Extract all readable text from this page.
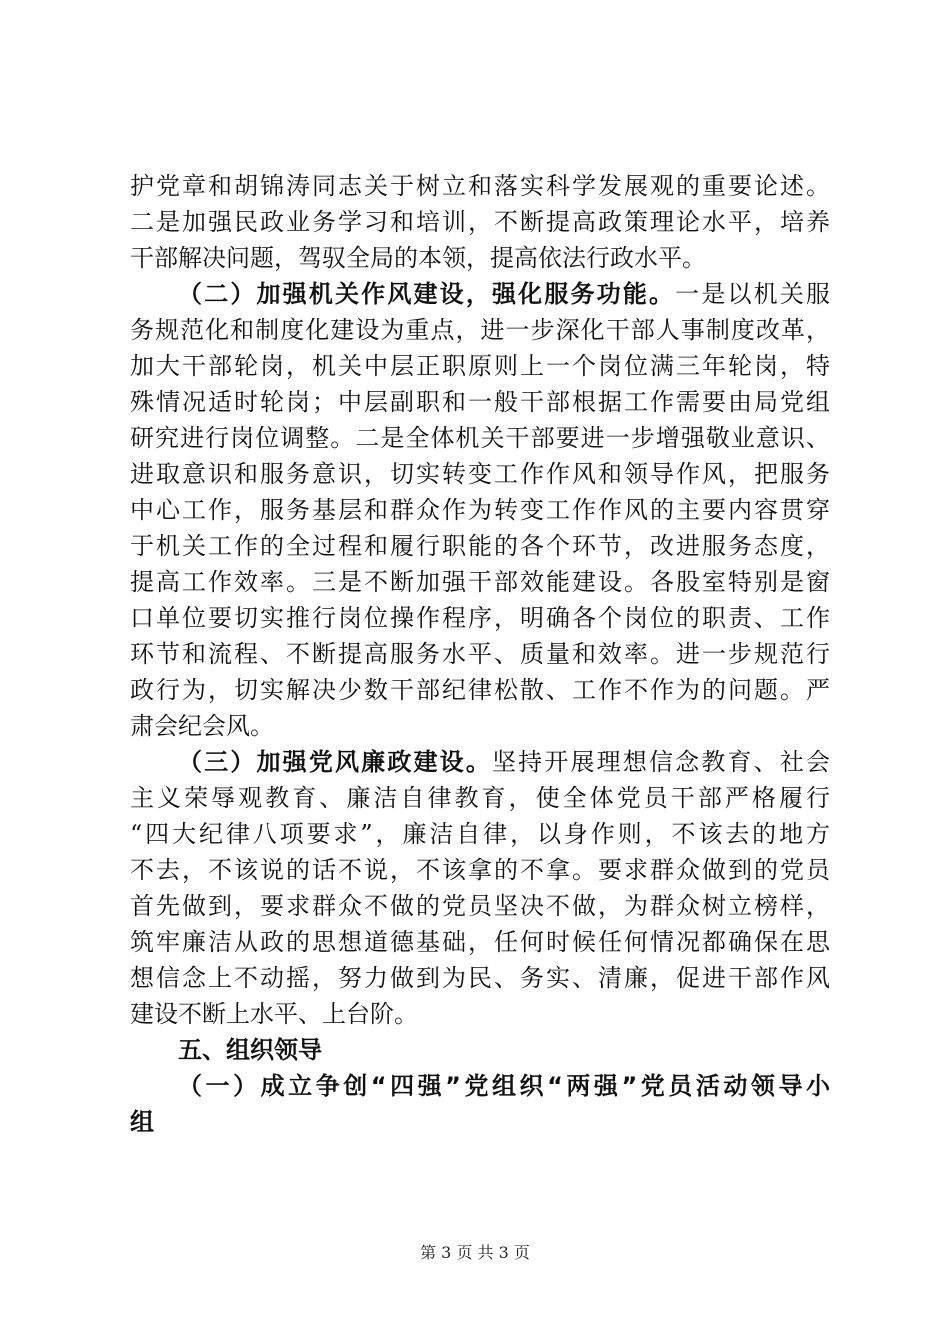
护党章和胡锦涛同志关于树立和落实科学发展观的重要论述。
二是加强民政业务学习和培训，不断提高政策理论水平，培养
干部解决问题，驾驭全局的本领，提高依法行政水平。
（二）加强机关作风建设，强化服务功能。一是以机关服
务规范化和制度化建设为重点，进一步深化干部人事制度改革，
加大干部轮岗，机关中层正职原则上一个岗位满三年轮岗，特
殊情况适时轮岗；中层副职和一般干部根据工作需要由局党组
研究进行岗位调整。二是全体机关干部要进一步增强敬业意识、
进取意识和服务意识，切实转变工作作风和领导作风，把服务
中心工作，服务基层和群众作为转变工作作风的主要内容贯穿
于机关工作的全过程和履行职能的各个环节，改进服务态度，
提高工作效率。三是不断加强干部效能建设。各股室特别是窗
口单位要切实推行岗位操作程序，明确各个岗位的职责、工作
环节和流程、不断提高服务水平、质量和效率。进一步规范行
政行为，切实解决少数干部纪律松散、工作不作为的问题。严
肃会纪会风。
（三）加强党风廉政建设。坚持开展理想信念教育、社会
主义荣辱观教育、廉洁自律教育，使全体党员干部严格履行
“四大纪律八项要求”，廉洁自律，以身作则，不该去的地方
不去，不该说的话不说，不该拿的不拿。要求群众做到的党员
首先做到，要求群众不做的党员坚决不做，为群众树立榜样，
筑牢廉洁从政的思想道德基础，任何时候任何情况都确保在思
想信念上不动摇，努力做到为民、务实、清廉，促进干部作风
建设不断上水平、上台阶。
五、组织领导
（一）成立争创“四强”党组织“两强”党员活动领导小
组
第 3 页 共 3 页
